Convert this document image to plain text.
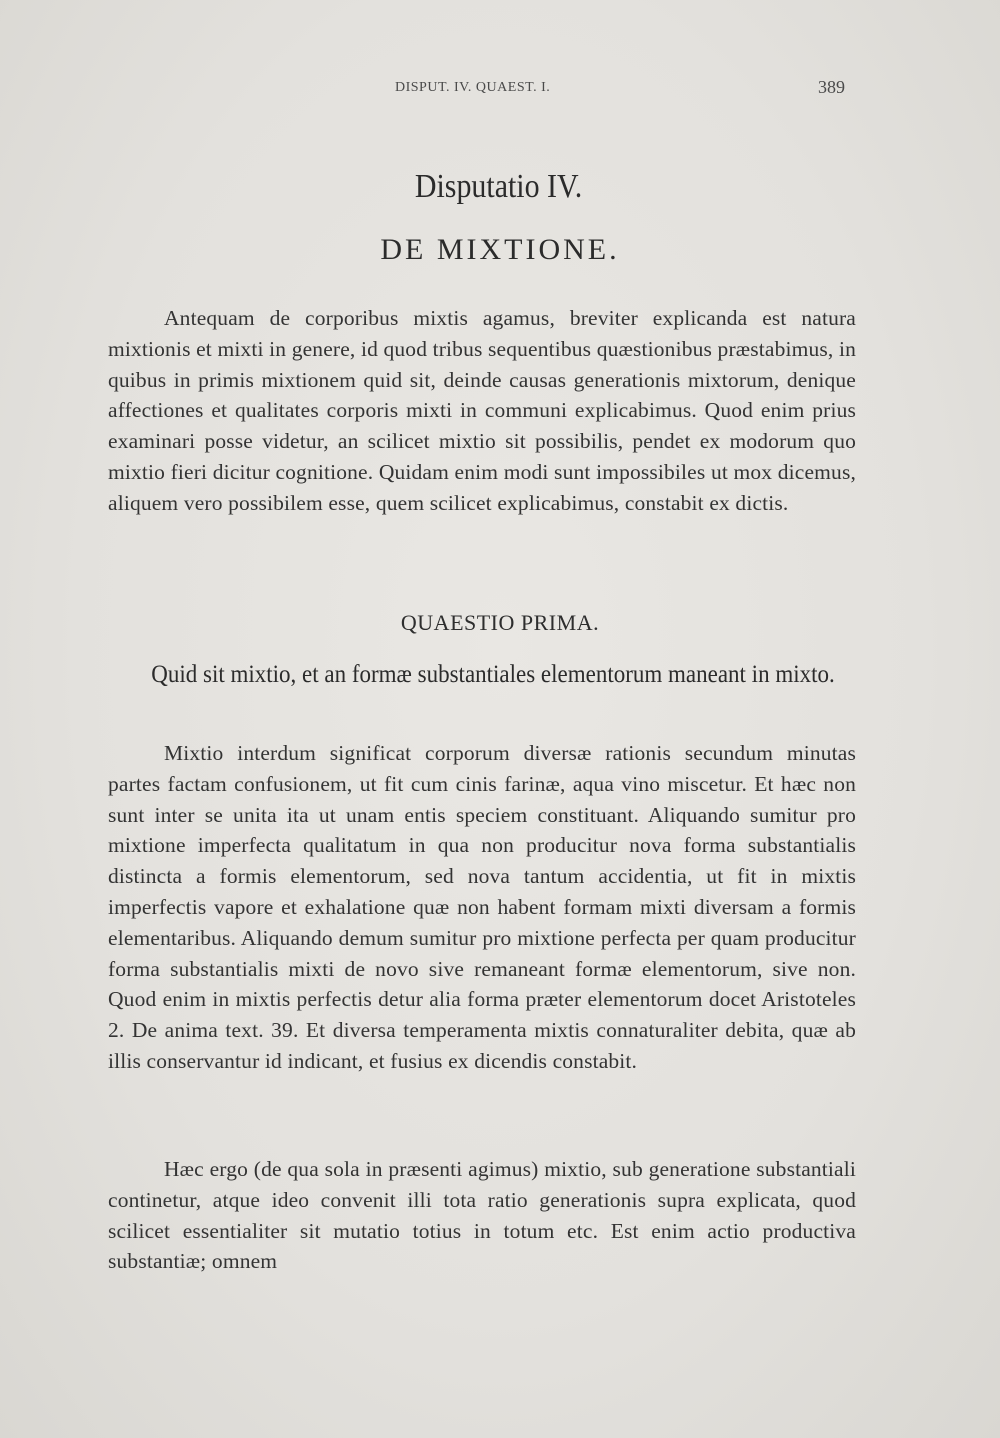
DISPUT. IV. QUAEST. I.	389
Disputatio IV.
DE MIXTIONE.
Antequam de corporibus mixtis agamus, breviter explicanda est natura mixtionis et mixti in genere, id quod tribus sequentibus quæstionibus præstabimus, in quibus in primis mixtionem quid sit, deinde causas generationis mixtorum, denique affectiones et qualitates corporis mixti in communi explicabimus. Quod enim prius examinari posse videtur, an scilicet mixtio sit possibilis, pendet ex modorum quo mixtio fieri dicitur cognitione. Quidam enim modi sunt impossibiles ut mox dicemus, aliquem vero possibilem esse, quem scilicet explicabimus, constabit ex dictis.
QUAESTIO PRIMA.
Quid sit mixtio, et an formæ substantiales elementorum maneant in mixto.
Mixtio interdum significat corporum diversæ rationis secundum minutas partes factam confusionem, ut fit cum cinis farinæ, aqua vino miscetur. Et hæc non sunt inter se unita ita ut unam entis speciem constituant. Aliquando sumitur pro mixtione imperfecta qualitatum in qua non producitur nova forma substantialis distincta a formis elementorum, sed nova tantum accidentia, ut fit in mixtis imperfectis vapore et exhalatione quæ non habent formam mixti diversam a formis elementaribus. Aliquando demum sumitur pro mixtione perfecta per quam producitur forma substantialis mixti de novo sive remaneant formæ elementorum, sive non. Quod enim in mixtis perfectis detur alia forma præter elementorum docet Aristoteles 2. De anima text. 39. Et diversa temperamenta mixtis connaturaliter debita, quæ ab illis conservantur id indicant, et fusius ex dicendis constabit.
Hæc ergo (de qua sola in præsenti agimus) mixtio, sub generatione substantiali continetur, atque ideo convenit illi tota ratio generationis supra explicata, quod scilicet essentialiter sit mutatio totius in totum etc. Est enim actio productiva substantiæ; omnem
